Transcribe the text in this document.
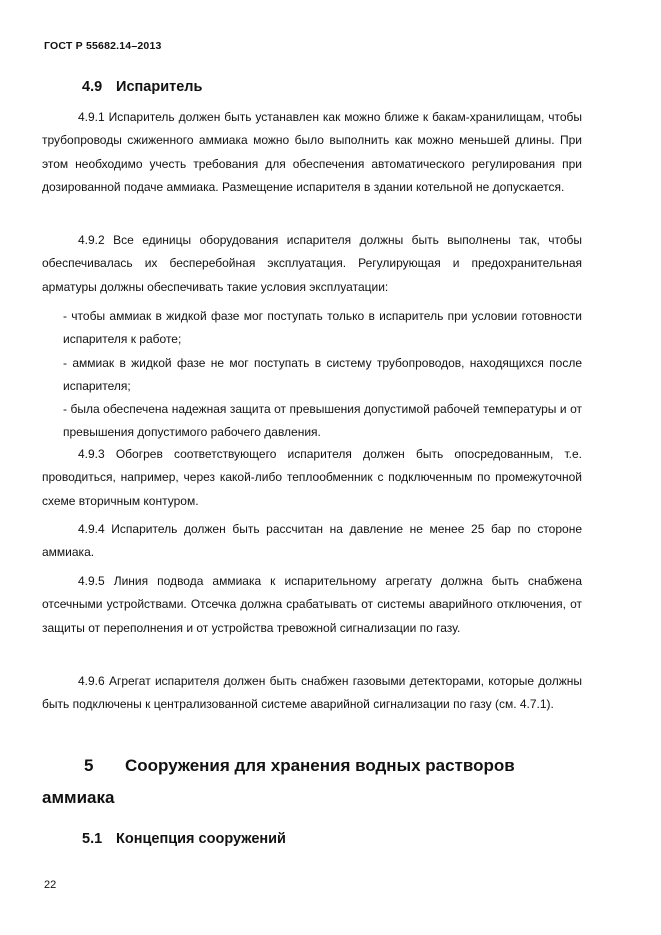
ГОСТ Р 55682.14–2013
4.9 Испаритель

4.9.1 Испаритель должен быть устанавлен как можно ближе к бакам-хранилищам, чтобы трубопроводы сжиженного аммиака можно было выполнить как можно меньшей длины. При этом необходимо учесть требования для обеспечения автоматического регулирования при дозированной подаче аммиака. Размещение испарителя в здании котельной не допускается.

4.9.2 Все единицы оборудования испарителя должны быть выполнены так, чтобы обеспечивалась их бесперебойная эксплуатация. Регулирующая и предохранительная арматуры должны обеспечивать такие условия эксплуатации:

- чтобы аммиак в жидкой фазе мог поступать только в испаритель при условии готовности испарителя к работе;
- аммиак в жидкой фазе не мог поступать в систему трубопроводов, находящихся после испарителя;
- была обеспечена надежная защита от превышения допустимой рабочей температуры и от превышения допустимого рабочего давления.

4.9.3 Обогрев соответствующего испарителя должен быть опосредованным, т.е. проводиться, например, через какой-либо теплообменник с подключенным по промежуточной схеме вторичным контуром.

4.9.4 Испаритель должен быть рассчитан на давление не менее 25 бар по стороне аммиака.

4.9.5 Линия подвода аммиака к испарительному агрегату должна быть снабжена отсечными устройствами. Отсечка должна срабатывать от системы аварийного отключения, от защиты от переполнения и от устройства тревожной сигнализации по газу.

4.9.6 Агрегат испарителя должен быть снабжен газовыми детекторами, которые должны быть подключены к централизованной системе аварийной сигнализации по газу (см. 4.7.1).

5 Сооружения для хранения водных растворов аммиака
5.1 Концепция сооружений
22
